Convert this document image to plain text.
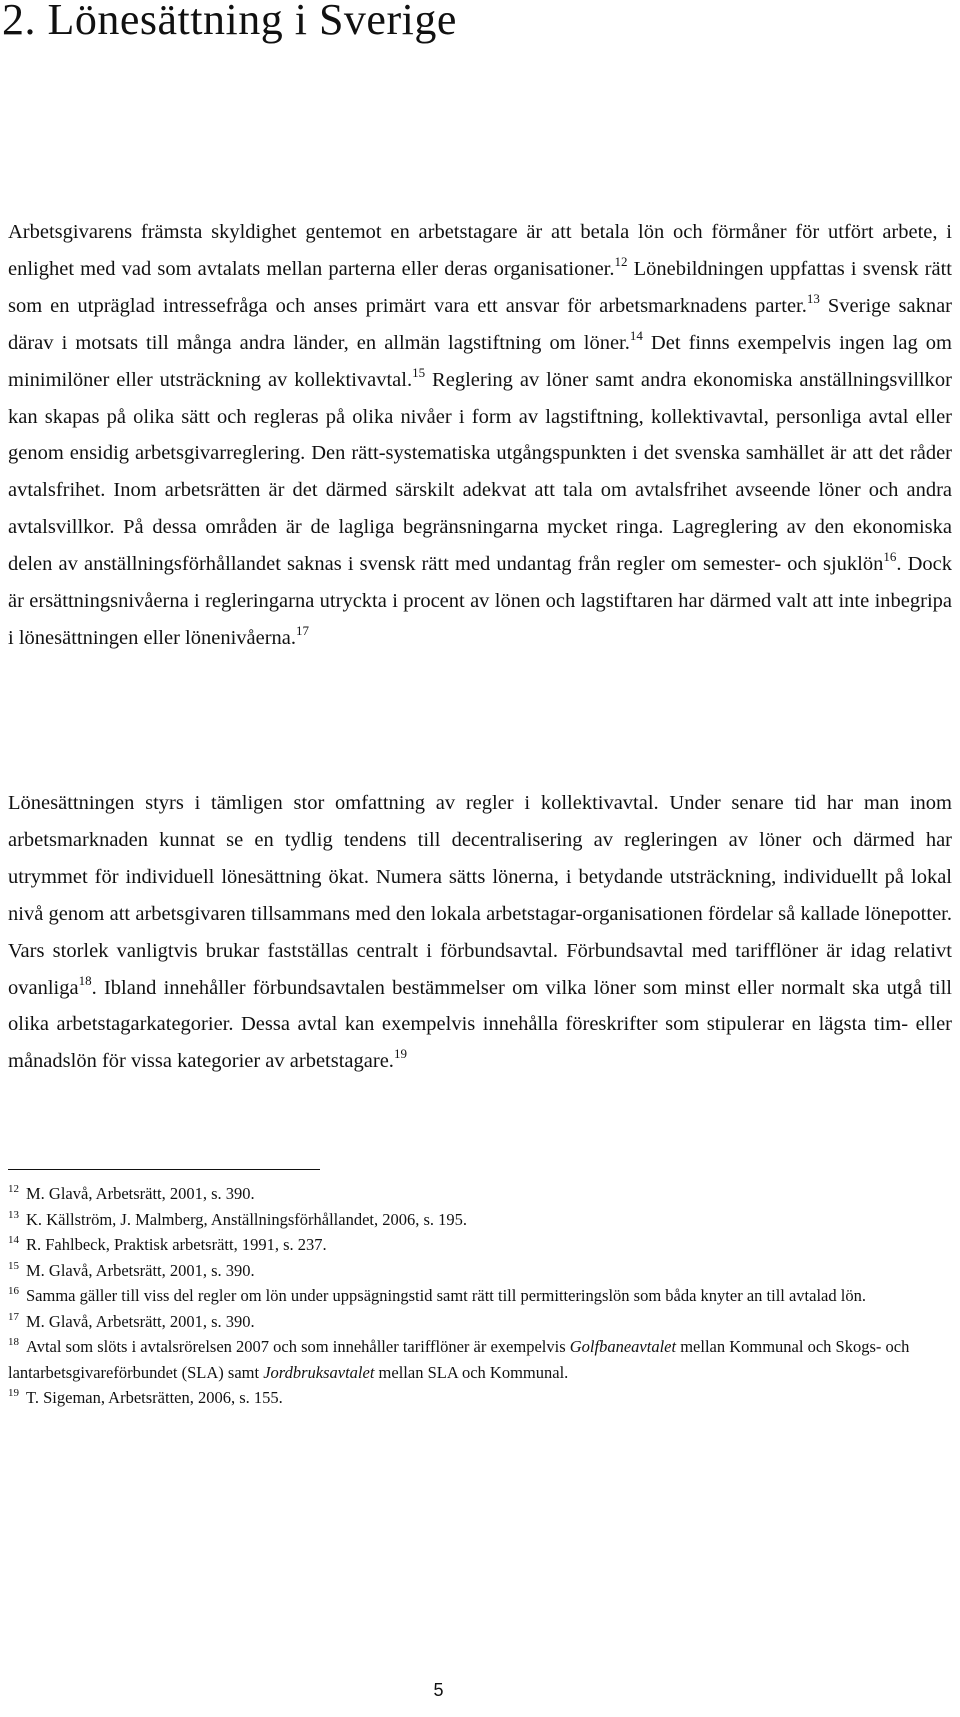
2. Lönesättning i Sverige

Arbetsgivarens främsta skyldighet gentemot en arbetstagare är att betala lön och förmåner för utfört arbete, i enlighet med vad som avtalats mellan parterna eller deras organisationer.$^{12}$ Lönebildningen uppfattas i svensk rätt som en utpräglad intressefråga och anses primärt vara ett ansvar för arbetsmarknadens parter.$^{13}$ Sverige saknar därav i motsats till många andra länder, en allmän lagstiftning om löner.$^{14}$ Det finns exempelvis ingen lag om minimilöner eller utsträckning av kollektivavtal.$^{15}$ Reglering av löner samt andra ekonomiska anställningsvillkor kan skapas på olika sätt och regleras på olika nivåer i form av lagstiftning, kollektivavtal, personliga avtal eller genom ensidig arbetsgivarreglering. Den rätt-systematiska utgångspunkten i det svenska samhället är att det råder avtalsfrihet. Inom arbetsrätten är det därmed särskilt adekvat att tala om avtalsfrihet avseende löner och andra avtalsvillkor. På dessa områden är de lagliga begränsningarna mycket ringa. Lagreglering av den ekonomiska delen av anställningsförhållandet saknas i svensk rätt med undantag från regler om semester- och sjuklön$^{16}$. Dock är ersättningsnivåerna i regleringarna utryckta i procent av lönen och lagstiftaren har därmed valt att inte inbegripa i lönesättningen eller lönenivåerna.$^{17}$

Lönesättningen styrs i tämligen stor omfattning av regler i kollektivavtal. Under senare tid har man inom arbetsmarknaden kunnat se en tydlig tendens till decentralisering av regleringen av löner och därmed har utrymmet för individuell lönesättning ökat. Numera sätts lönerna, i betydande utsträckning, individuellt på lokal nivå genom att arbetsgivaren tillsammans med den lokala arbetstagar-organisationen fördelar så kallade lönepotter. Vars storlek vanligtvis brukar fastställas centralt i förbundsavtal. Förbundsavtal med tarifflöner är idag relativt ovanliga$^{18}$. Ibland innehåller förbundsavtalen bestämmelser om vilka löner som minst eller normalt ska utgå till olika arbetstagarkategorier. Dessa avtal kan exempelvis innehålla föreskrifter som stipulerar en lägsta tim- eller månadslön för vissa kategorier av arbetstagare.$^{19}$

$^{12}$ M. Glavå, Arbetsrätt, 2001, s. 390.

$^{13}$ K. Källström, J. Malmberg, Anställningsförhållandet, 2006, s. 195.

$^{14}$ R. Fahlbeck, Praktisk arbetsrätt, 1991, s. 237.

$^{15}$ M. Glavå, Arbetsrätt, 2001, s. 390.

$^{16}$ Samma gäller till viss del regler om lön under uppsägningstid samt rätt till permitteringslön som båda knyter an till avtalad lön.

$^{17}$ M. Glavå, Arbetsrätt, 2001, s. 390.

$^{18}$ Avtal som slöts i avtalsrörelsen 2007 och som innehåller tarifflöner är exempelvis Golfbaneavtalet mellan Kommunal och Skogs- och lantarbetsgivareförbundet (SLA) samt Jordbruksavtalet mellan SLA och Kommunal.

$^{19}$ T. Sigeman, Arbetsrätten, 2006, s. 155.

5
